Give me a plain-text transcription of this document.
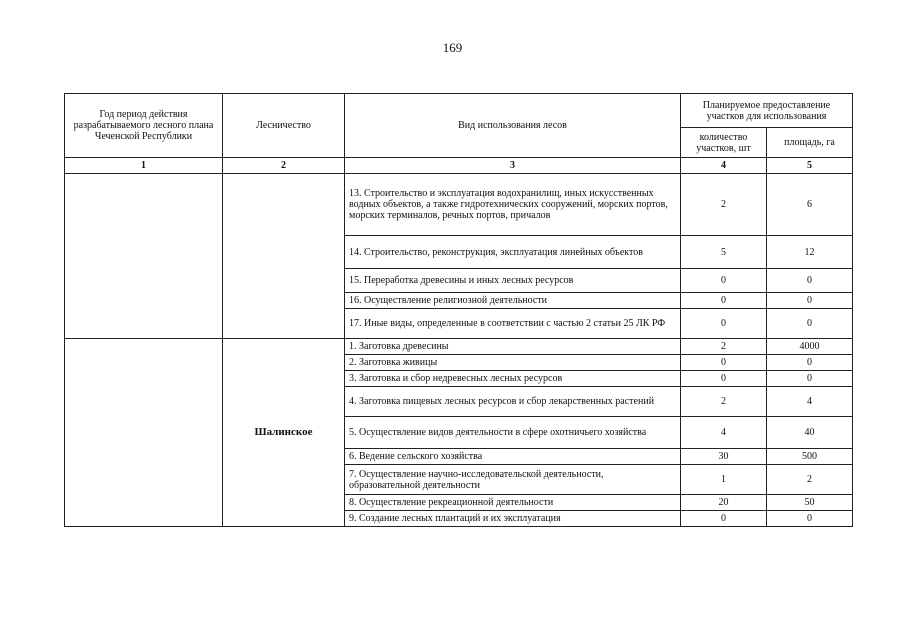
169
Год период действия разрабатываемого лесного плана Чеченской Республики	Лесничество	Вид использования лесов	Планируемое предоставление участков для использования	
			количество участков, шт	площадь, га
1	2	3	4	5
		13. Строительство и эксплуатация водохранилищ, иных искусственных водных объектов, а также гидротехнических сооружений, морских портов, морских терминалов, речных портов, причалов	2	6
		14. Строительство, реконструкция, эксплуатация линейных объектов	5	12
		15. Переработка древесины и иных лесных ресурсов	0	0
		16. Осуществление религиозной деятельности	0	0
		17. Иные виды, определенные в соответствии с частью 2 статьи 25 ЛК РФ	0	0
	Шалинское	1. Заготовка древесины	2	4000
		2. Заготовка живицы	0	0
		3. Заготовка и сбор недревесных лесных ресурсов	0	0
		4. Заготовка пищевых лесных ресурсов и сбор лекарственных растений	2	4
		5. Осуществление видов деятельности в сфере охотничьего хозяйства	4	40
		6. Ведение сельского хозяйства	30	500
		7. Осуществление научно-исследовательской деятельности, образовательной деятельности	1	2
		8. Осуществление рекреационной деятельности	20	50
		9. Создание лесных плантаций и их эксплуатация	0	0
